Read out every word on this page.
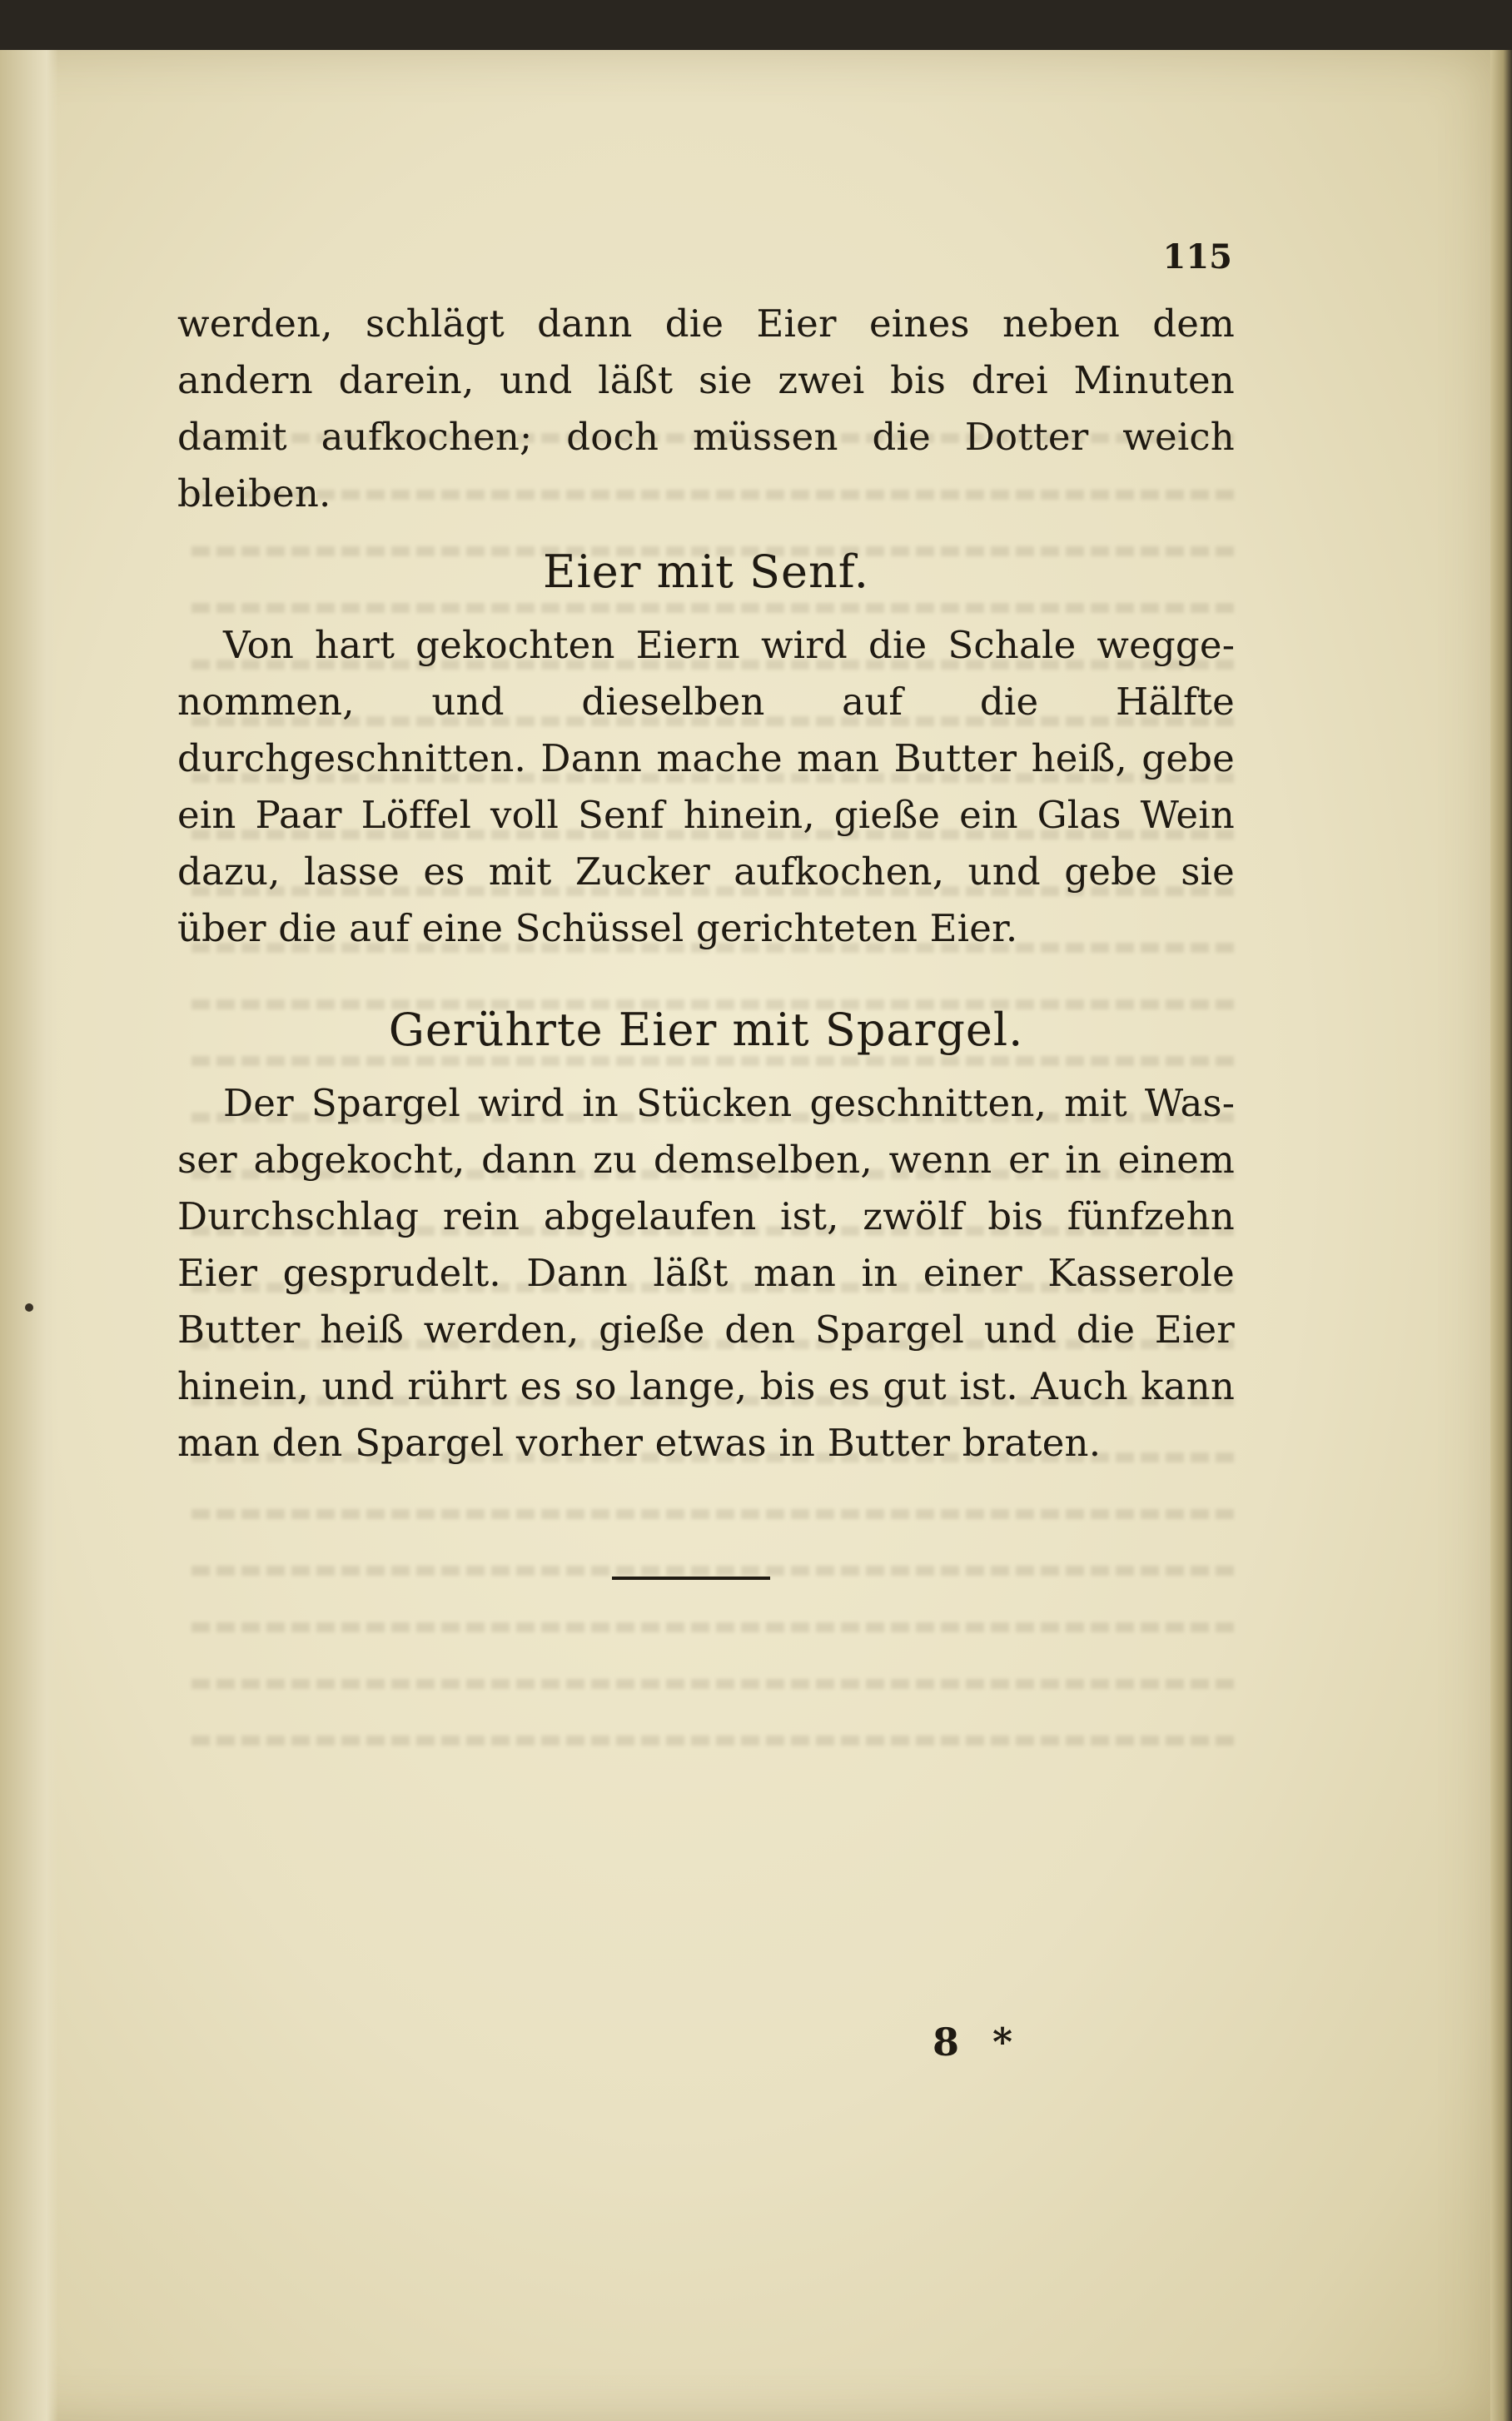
115

werden, schlägt dann die Eier eines neben dem andern darein, und läßt sie zwei bis drei Minuten damit aufkochen; doch müssen die Dotter weich bleiben.

Eier mit Senf.

Von hart gekochten Eiern wird die Schale weggenommen, und dieselben auf die Hälfte durchgeschnitten. Dann mache man Butter heiß, gebe ein Paar Löffel voll Senf hinein, gieße ein Glas Wein dazu, lasse es mit Zucker aufkochen, und gebe sie über die auf eine Schüssel gerichteten Eier.

Gerührte Eier mit Spargel.

Der Spargel wird in Stücken geschnitten, mit Wasser abgekocht, dann zu demselben, wenn er in einem Durchschlag rein abgelaufen ist, zwölf bis fünfzehn Eier gesprudelt. Dann läßt man in einer Kasserole Butter heiß werden, gieße den Spargel und die Eier hinein, und rührt es so lange, bis es gut ist. Auch kann man den Spargel vorher etwas in Butter braten.

8 *
